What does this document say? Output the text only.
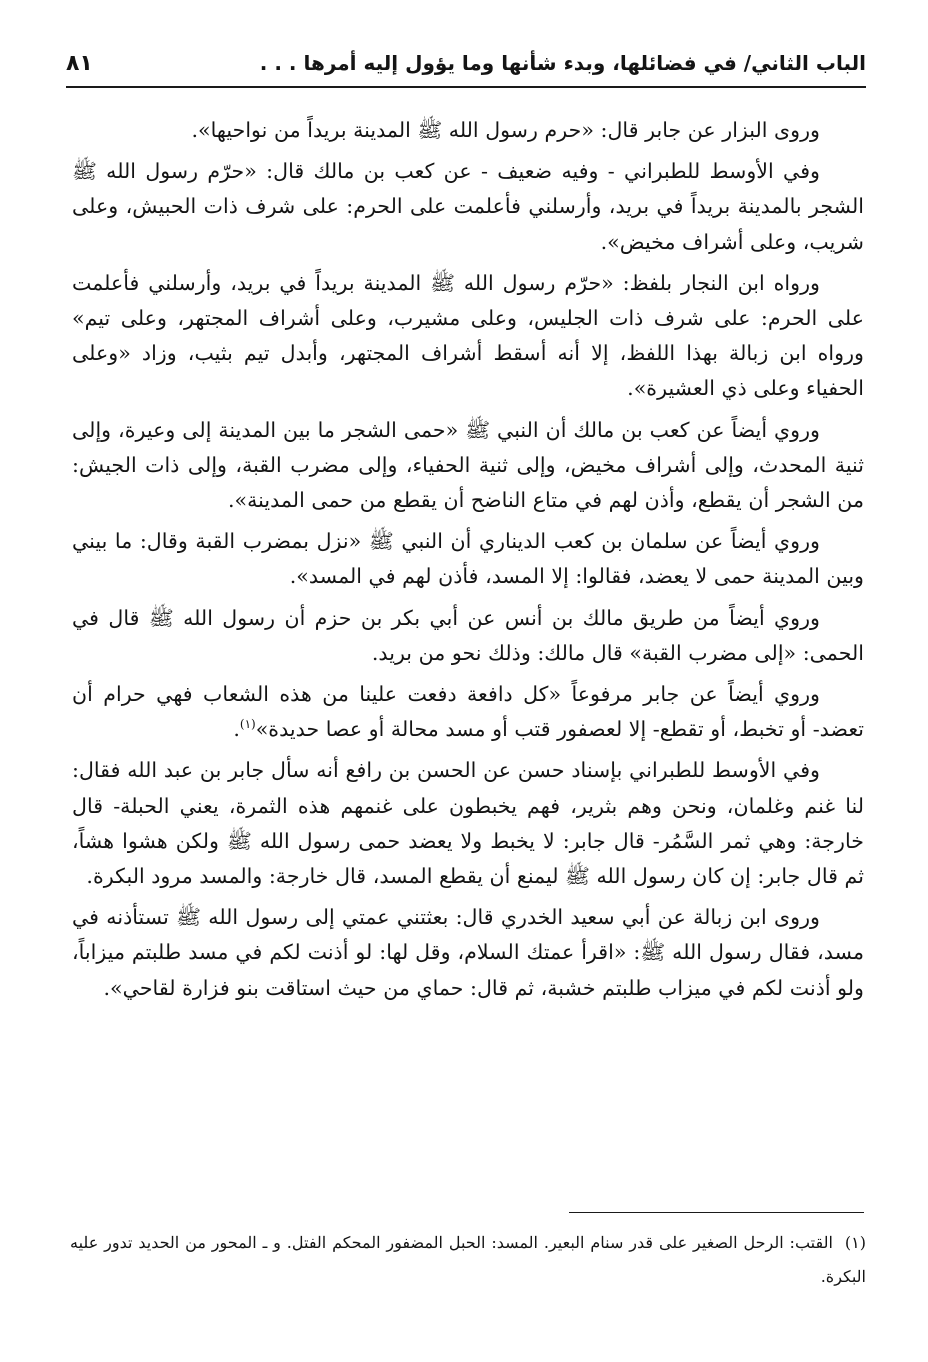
الباب الثاني/ في فضائلها، وبدء شأنها وما يؤول إليه أمرها . . .
٨١

وروى البزار عن جابر قال: «حرم رسول الله ﷺ المدينة بريداً من نواحيها».

وفي الأوسط للطبراني - وفيه ضعيف - عن كعب بن مالك قال: «حرّم رسول الله ﷺ الشجر بالمدينة بريداً في بريد، وأرسلني فأعلمت على الحرم: على شرف ذات الحبيش، وعلى شريب، وعلى أشراف مخيض».

ورواه ابن النجار بلفظ: «حرّم رسول الله ﷺ المدينة بريداً في بريد، وأرسلني فأعلمت على الحرم: على شرف ذات الجليس، وعلى مشيرب، وعلى أشراف المجتهر، وعلى تيم» ورواه ابن زبالة بهذا اللفظ، إلا أنه أسقط أشراف المجتهر، وأبدل تيم بثيب، وزاد «وعلى الحفياء وعلى ذي العشيرة».

وروي أيضاً عن كعب بن مالك أن النبي ﷺ «حمى الشجر ما بين المدينة إلى وعيرة، وإلى ثنية المحدث، وإلى أشراف مخيض، وإلى ثنية الحفياء، وإلى مضرب القبة، وإلى ذات الجيش: من الشجر أن يقطع، وأذن لهم في متاع الناضح أن يقطع من حمى المدينة».

وروي أيضاً عن سلمان بن كعب الديناري أن النبي ﷺ «نزل بمضرب القبة وقال: ما بيني وبين المدينة حمى لا يعضد، فقالوا: إلا المسد، فأذن لهم في المسد».

وروي أيضاً من طريق مالك بن أنس عن أبي بكر بن حزم أن رسول الله ﷺ قال في الحمى: «إلى مضرب القبة» قال مالك: وذلك نحو من بريد.

وروي أيضاً عن جابر مرفوعاً «كل دافعة دفعت علينا من هذه الشعاب فهي حرام أن تعضد- أو تخبط، أو تقطع- إلا لعصفور قتب أو مسد محالة أو عصا حديدة»$^{(١)}$.

وفي الأوسط للطبراني بإسناد حسن عن الحسن بن رافع أنه سأل جابر بن عبد الله فقال: لنا غنم وغلمان، ونحن وهم بثرير، فهم يخبطون على غنمهم هذه الثمرة، يعني الحبلة- قال خارجة: وهي ثمر السَّمُر- قال جابر: لا يخبط ولا يعضد حمى رسول الله ﷺ ولكن هشوا هشاً، ثم قال جابر: إن كان رسول الله ﷺ ليمنع أن يقطع المسد، قال خارجة: والمسد مرود البكرة.

وروى ابن زبالة عن أبي سعيد الخدري قال: بعثتني عمتي إلى رسول الله ﷺ تستأذنه في مسد، فقال رسول الله ﷺ: «اقرأ عمتك السلام، وقل لها: لو أذنت لكم في مسد طلبتم ميزاباً، ولو أذنت لكم في ميزاب طلبتم خشبة، ثم قال: حماي من حيث استاقت بنو فزارة لقاحي».

(١)القتب: الرحل الصغير على قدر سنام البعير. المسد: الحبل المضفور المحكم الفتل. و ـ المحور من الحديد تدور عليه البكرة.
